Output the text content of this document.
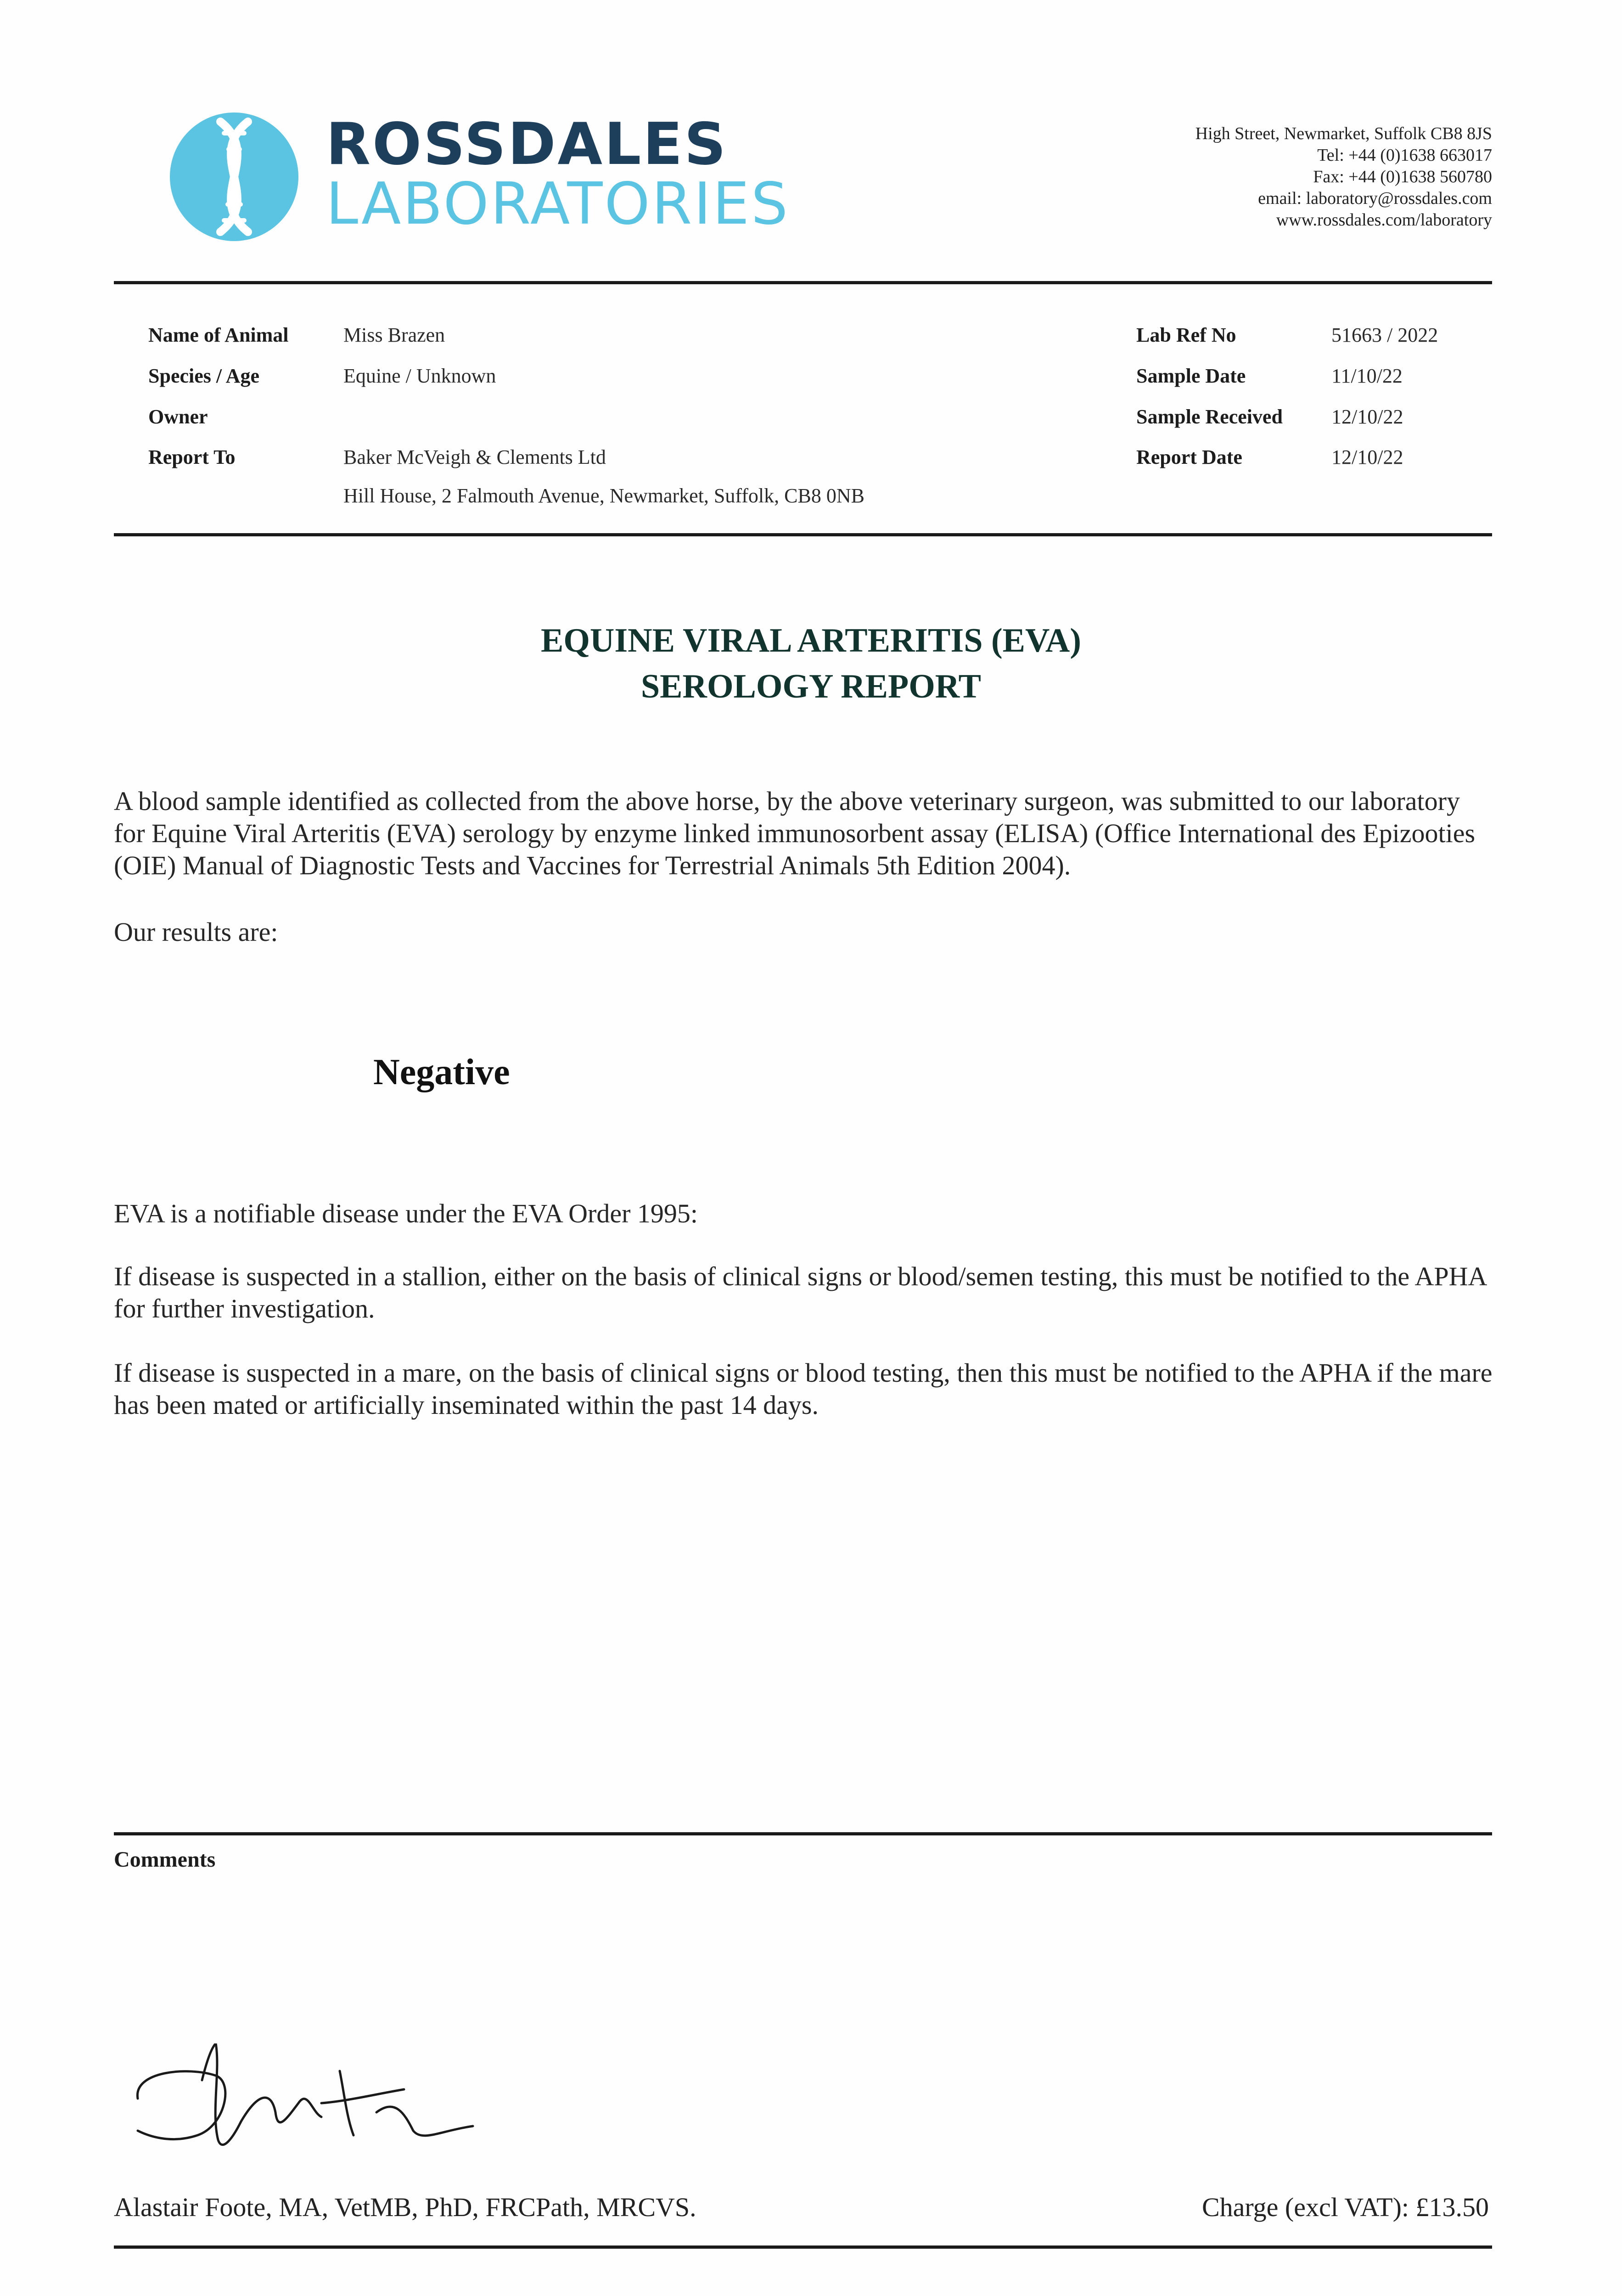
ROSSDALES
LABORATORIES
High Street, Newmarket, Suffolk CB8 8JS
Tel: +44 (0)1638 663017
Fax: +44 (0)1638 560780
email: laboratory@rossdales.com
www.rossdales.com/laboratory
Name of Animal	Miss Brazen
Species / Age	Equine / Unknown
Owner
Report To	Baker McVeigh & Clements Ltd
Hill House, 2 Falmouth Avenue, Newmarket, Suffolk, CB8 0NB
Lab Ref No	51663 / 2022
Sample Date	11/10/22
Sample Received 12/10/22
Report Date	12/10/22
EQUINE VIRAL ARTERITIS (EVA)
SEROLOGY REPORT
A blood sample identified as collected from the above horse, by the above veterinary surgeon, was submitted to our laboratory for Equine Viral Arteritis (EVA) serology by enzyme linked immunosorbent assay (ELISA) (Office International des Epizooties (OIE) Manual of Diagnostic Tests and Vaccines for Terrestrial Animals 5th Edition 2004).
Our results are:
Negative
EVA is a notifiable disease under the EVA Order 1995:
If disease is suspected in a stallion, either on the basis of clinical signs or blood/semen testing, this must be notified to the APHA for further investigation.
If disease is suspected in a mare, on the basis of clinical signs or blood testing, then this must be notified to the APHA if the mare has been mated or artificially inseminated within the past 14 days.
Comments
Alastair Foote, MA, VetMB, PhD, FRCPath, MRCVS.	Charge (excl VAT): £13.50
